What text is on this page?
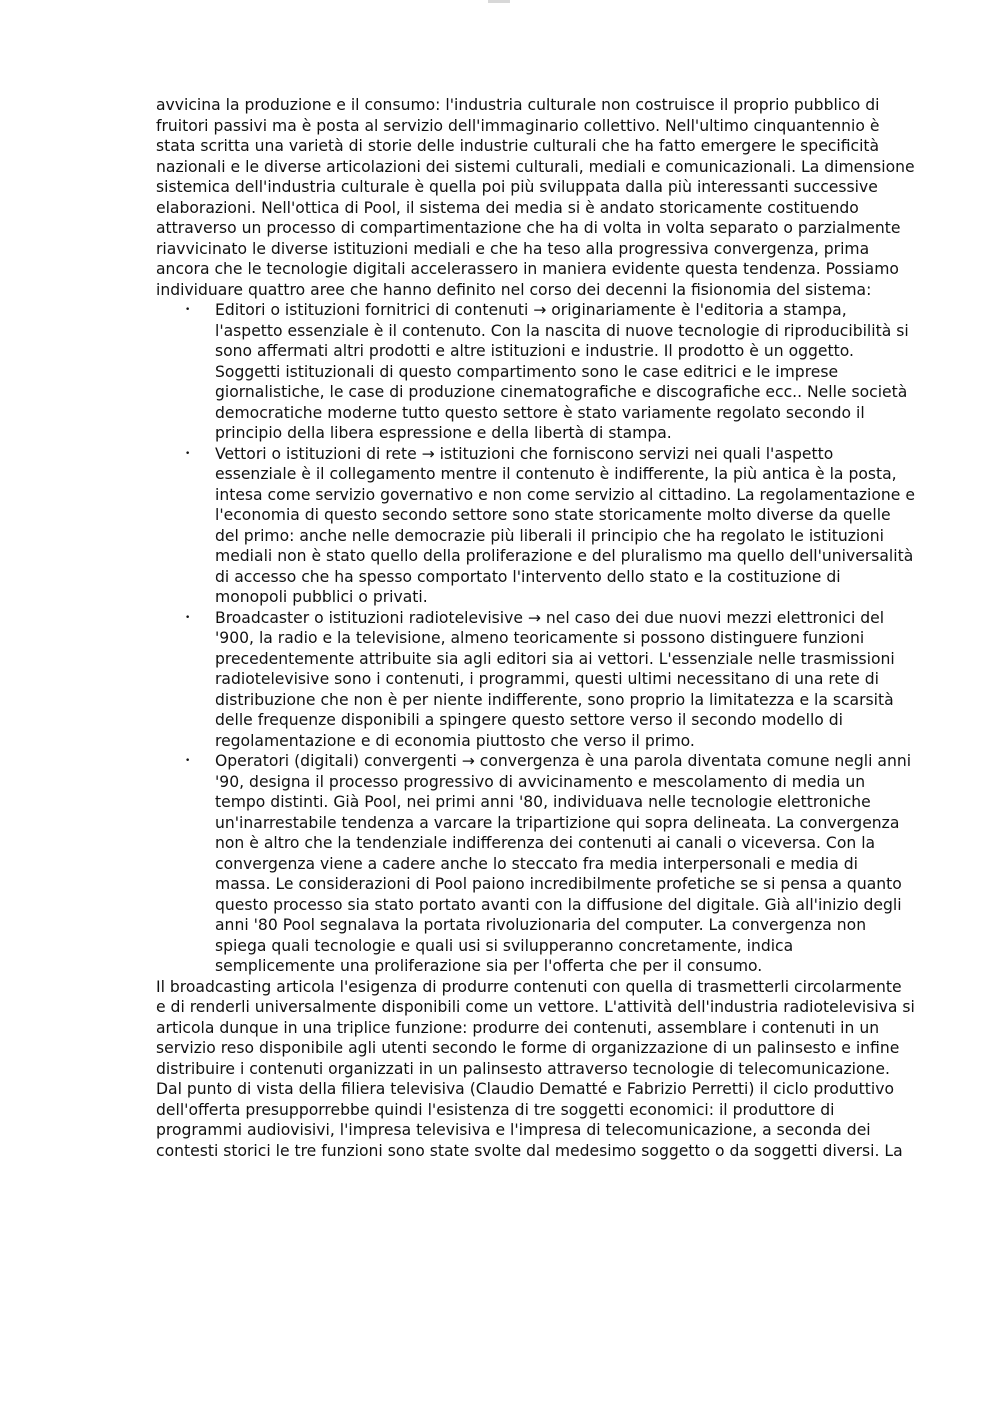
avvicina la produzione e il consumo: l'industria culturale non costruisce il proprio pubblico di fruitori passivi ma è posta al servizio dell'immaginario collettivo. Nell'ultimo cinquantennio è stata scritta una varietà di storie delle industrie culturali che ha fatto emergere le specificità nazionali e le diverse articolazioni dei sistemi culturali, mediali e comunicazionali. La dimensione sistemica dell'industria culturale è quella poi più sviluppata dalla più interessanti successive elaborazioni. Nell'ottica di Pool, il sistema dei media si è andato storicamente costituendo attraverso un processo di compartimentazione che ha di volta in volta separato o parzialmente riavvicinato le diverse istituzioni mediali e che ha teso alla progressiva convergenza, prima ancora che le tecnologie digitali accelerassero in maniera evidente questa tendenza. Possiamo individuare quattro aree che hanno definito nel corso dei decenni la fisionomia del sistema:

• Editori o istituzioni fornitrici di contenuti → originariamente è l'editoria a stampa, l'aspetto essenziale è il contenuto. Con la nascita di nuove tecnologie di riproducibilità si sono affermati altri prodotti e altre istituzioni e industrie. Il prodotto è un oggetto. Soggetti istituzionali di questo compartimento sono le case editrici e le imprese giornalistiche, le case di produzione cinematografiche e discografiche ecc.. Nelle società democratiche moderne tutto questo settore è stato variamente regolato secondo il principio della libera espressione e della libertà di stampa.
• Vettori o istituzioni di rete → istituzioni che forniscono servizi nei quali l'aspetto essenziale è il collegamento mentre il contenuto è indifferente, la più antica è la posta, intesa come servizio governativo e non come servizio al cittadino. La regolamentazione e l'economia di questo secondo settore sono state storicamente molto diverse da quelle del primo: anche nelle democrazie più liberali il principio che ha regolato le istituzioni mediali non è stato quello della proliferazione e del pluralismo ma quello dell'universalità di accesso che ha spesso comportato l'intervento dello stato e la costituzione di monopoli pubblici o privati.
• Broadcaster o istituzioni radiotelevisive → nel caso dei due nuovi mezzi elettronici del '900, la radio e la televisione, almeno teoricamente si possono distinguere funzioni precedentemente attribuite sia agli editori sia ai vettori. L'essenziale nelle trasmissioni radiotelevisive sono i contenuti, i programmi, questi ultimi necessitano di una rete di distribuzione che non è per niente indifferente, sono proprio la limitatezza e la scarsità delle frequenze disponibili a spingere questo settore verso il secondo modello di regolamentazione e di economia piuttosto che verso il primo.
• Operatori (digitali) convergenti → convergenza è una parola diventata comune negli anni '90, designa il processo progressivo di avvicinamento e mescolamento di media un tempo distinti. Già Pool, nei primi anni '80, individuava nelle tecnologie elettroniche un'inarrestabile tendenza a varcare la tripartizione qui sopra delineata. La convergenza non è altro che la tendenziale indifferenza dei contenuti ai canali o viceversa. Con la convergenza viene a cadere anche lo steccato fra media interpersonali e media di massa. Le considerazioni di Pool paiono incredibilmente profetiche se si pensa a quanto questo processo sia stato portato avanti con la diffusione del digitale. Già all'inizio degli anni '80 Pool segnalava la portata rivoluzionaria del computer. La convergenza non spiega quali tecnologie e quali usi si svilupperanno concretamente, indica semplicemente una proliferazione sia per l'offerta che per il consumo.

Il broadcasting articola l'esigenza di produrre contenuti con quella di trasmetterli circolarmente e di renderli universalmente disponibili come un vettore. L'attività dell'industria radiotelevisiva si articola dunque in una triplice funzione: produrre dei contenuti, assemblare i contenuti in un servizio reso disponibile agli utenti secondo le forme di organizzazione di un palinsesto e infine distribuire i contenuti organizzati in un palinsesto attraverso tecnologie di telecomunicazione. Dal punto di vista della filiera televisiva (Claudio Dematté e Fabrizio Perretti) il ciclo produttivo dell'offerta presupporrebbe quindi l'esistenza di tre soggetti economici: il produttore di programmi audiovisivi, l'impresa televisiva e l'impresa di telecomunicazione, a seconda dei contesti storici le tre funzioni sono state svolte dal medesimo soggetto o da soggetti diversi. La
